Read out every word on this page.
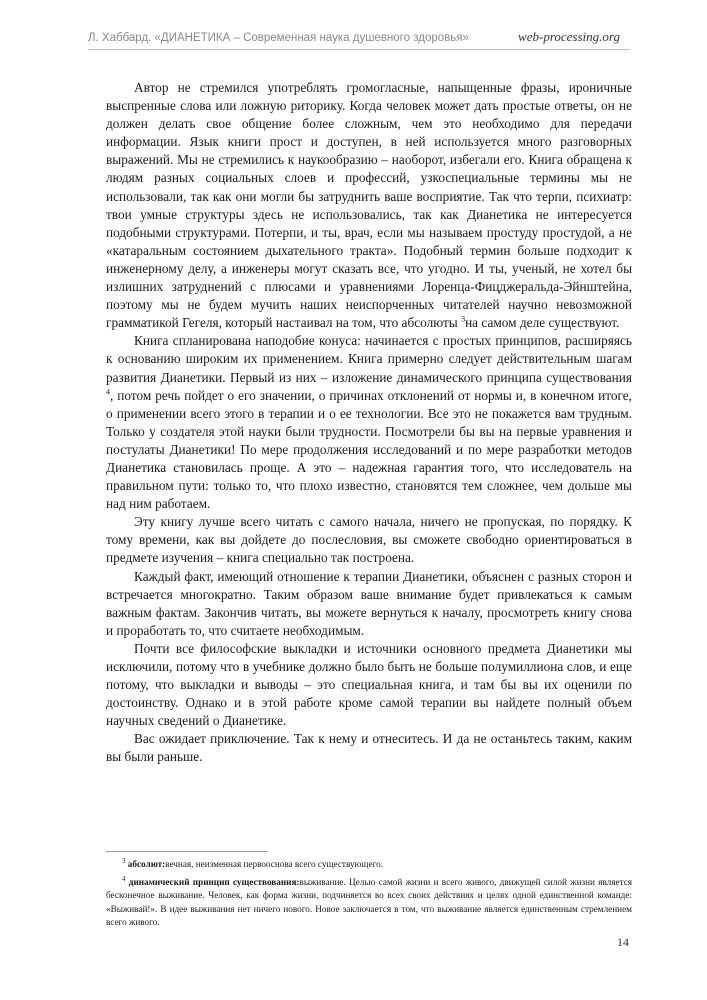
Л. Хаббард. «ДИАНЕТИКА – Современная наука душевного здоровья»	web-processing.org

Автор не стремился употреблять громогласные, напыщенные фразы, ироничные выспренные слова или ложную риторику. Когда человек может дать простые ответы, он не должен делать свое общение более сложным, чем это необходимо для передачи информации. Язык книги прост и доступен, в ней используется много разговорных выражений. Мы не стремились к наукообразию – наоборот, избегали его. Книга обращена к людям разных социальных слоев и профессий, узкоспециальные термины мы не использовали, так как они могли бы затруднить ваше восприятие. Так что терпи, психиатр: твои умные структуры здесь не использовались, так как Дианетика не интересуется подобными структурами. Потерпи, и ты, врач, если мы называем простуду простудой, а не «катаральным состоянием дыхательного тракта». Подобный термин больше подходит к инженерному делу, а инженеры могут сказать все, что угодно. И ты, ученый, не хотел бы излишних затруднений с плюсами и уравнениями Лоренца-Фицджеральда-Эйнштейна, поэтому мы не будем мучить наших неиспорченных читателей научно невозможной грамматикой Гегеля, который настаивал на том, что абсолюты $^3$на самом деле существуют.

Книга спланирована наподобие конуса: начинается с простых принципов, расширяясь к основанию широким их применением. Книга примерно следует действительным шагам развития Дианетики. Первый из них – изложение динамического принципа существования $^4$, потом речь пойдет о его значении, о причинах отклонений от нормы и, в конечном итоге, о применении всего этого в терапии и о ее технологии. Все это не покажется вам трудным. Только у создателя этой науки были трудности. Посмотрели бы вы на первые уравнения и постулаты Дианетики! По мере продолжения исследований и по мере разработки методов Дианетика становилась проще. А это – надежная гарантия того, что исследователь на правильном пути: только то, что плохо известно, становятся тем сложнее, чем дольше мы над ним работаем.

Эту книгу лучше всего читать с самого начала, ничего не пропуская, по порядку. К тому времени, как вы дойдете до послесловия, вы сможете свободно ориентироваться в предмете изучения – книга специально так построена.

Каждый факт, имеющий отношение к терапии Дианетики, объяснен с разных сторон и встречается многократно. Таким образом ваше внимание будет привлекаться к самым важным фактам. Закончив читать, вы можете вернуться к началу, просмотреть книгу снова и проработать то, что считаете необходимым.

Почти все философские выкладки и источники основного предмета Дианетики мы исключили, потому что в учебнике должно было быть не больше полумиллиона слов, и еще потому, что выкладки и выводы – это специальная книга, и там бы вы их оценили по достоинству. Однако и в этой работе кроме самой терапии вы найдете полный объем научных сведений о Дианетике.

Вас ожидает приключение. Так к нему и отнеситесь. И да не останьтесь таким, каким вы были раньше.

$^3$ абсолют:вечная, неизменная первооснова всего существующего.

$^4$ динамический принцип существования:выживание. Целью самой жизни и всего живого, движущей силой жизни является бесконечное выживание. Человек, как форма жизни, подчиняется во всех своих действиях и целях одной единственной команде: «Выживай!». В идее выживания нет ничего нового. Новое заключается в том, что выживание является единственным стремлением всего живого.

14
